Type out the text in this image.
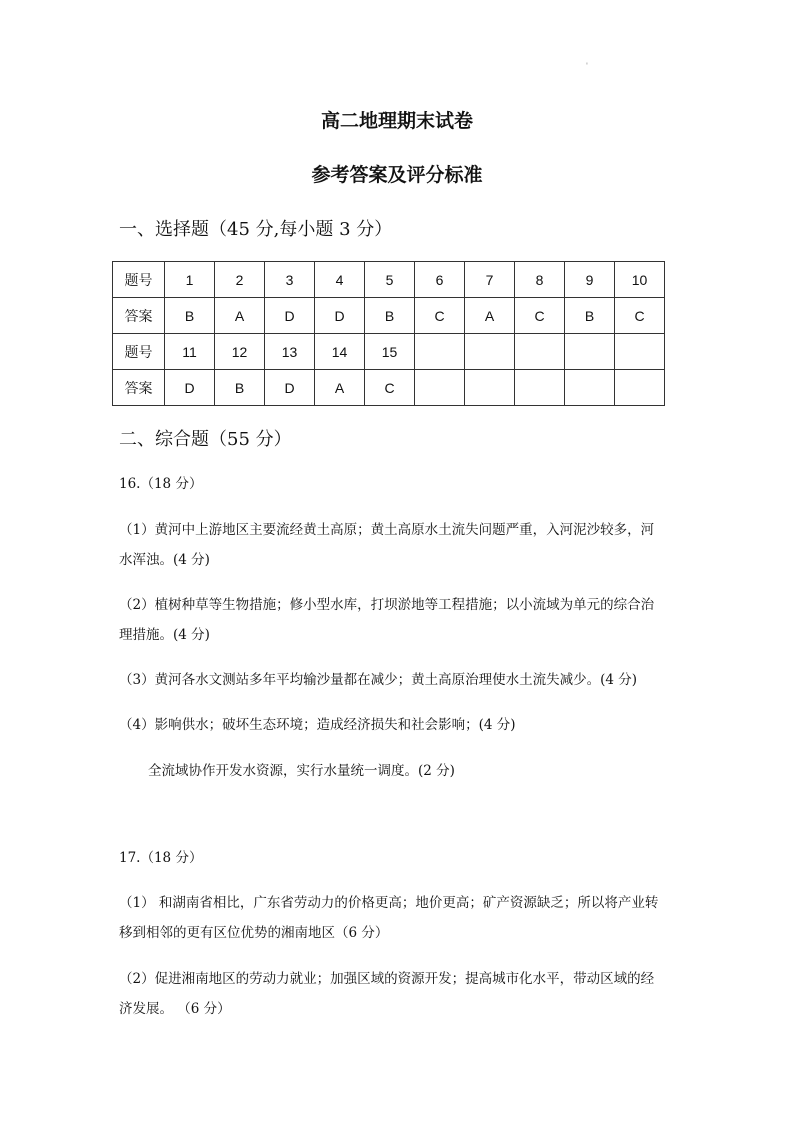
'
高二地理期末试卷
参考答案及评分标准
一、选择题（45 分,每小题 3 分）
题号	1	2	3	4	5	6	7	8	9	10
答案	B	A	D	D	B	C	A	C	B	C
题号	11	12	13	14	15					
答案	D	B	D	A	C					
二、综合题（55 分）
16.（18 分）
（1）黄河中上游地区主要流经黄土高原；黄土高原水土流失问题严重，入河泥沙较多，河
水浑浊。(4 分)
（2）植树种草等生物措施；修小型水库，打坝淤地等工程措施；以小流域为单元的综合治
理措施。(4 分)
（3）黄河各水文测站多年平均输沙量都在减少；黄土高原治理使水土流失减少。(4 分)
（4）影响供水；破坏生态环境；造成经济损失和社会影响；(4 分)
全流域协作开发水资源，实行水量统一调度。(2 分)
17.（18 分）
（1） 和湖南省相比，广东省劳动力的价格更高；地价更高；矿产资源缺乏；所以将产业转
移到相邻的更有区位优势的湘南地区（6 分）
（2）促进湘南地区的劳动力就业；加强区域的资源开发；提高城市化水平，带动区域的经
济发展。 （6 分）
